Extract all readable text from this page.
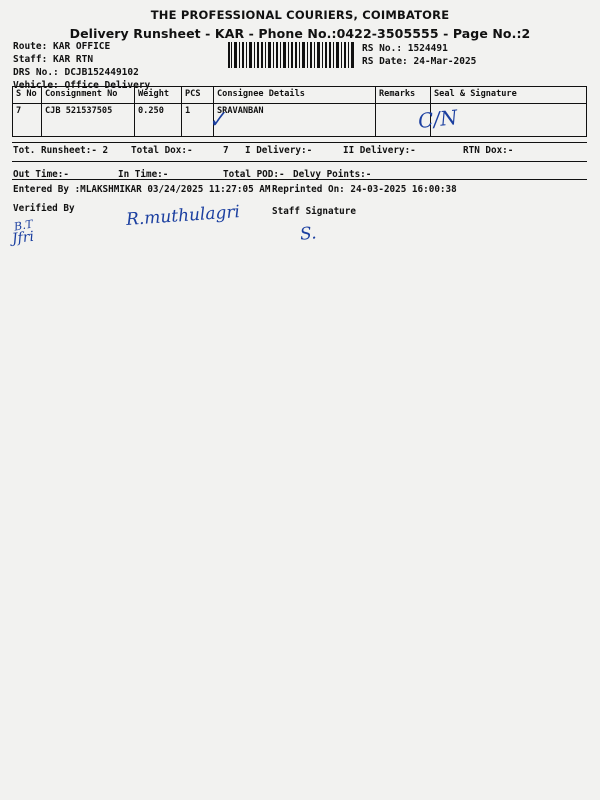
THE PROFESSIONAL COURIERS, COIMBATORE
Delivery Runsheet - KAR - Phone No.:0422-3505555 - Page No.:2
Route: KAR OFFICE
Staff: KAR RTN
DRS No.: DCJB152449102
Vehicle: Office Delivery
RS No.: 1524491
RS Date: 24-Mar-2025
S No	Consignment No	Weight	PCS	Consignee Details	Remarks	Seal & Signature
7	CJB 521537505	0.250	1	SRAVANBAN		

Tot. Runsheet:- 2

Total Dox:-

	7

I Delivery:-

	II Delivery:-

	RTN Dox:-

Out Time:-

	In Time:-

	Total POD:-

Delvy Points:-

Entered By :MLAKSHMIKAR 03/24/2025 11:27:05 AM Reprinted On: 24-03-2025 16:00:38
Verified By	Staff Signature
✓	C/N
B.T
Jfri
R.muthulagri
S.
